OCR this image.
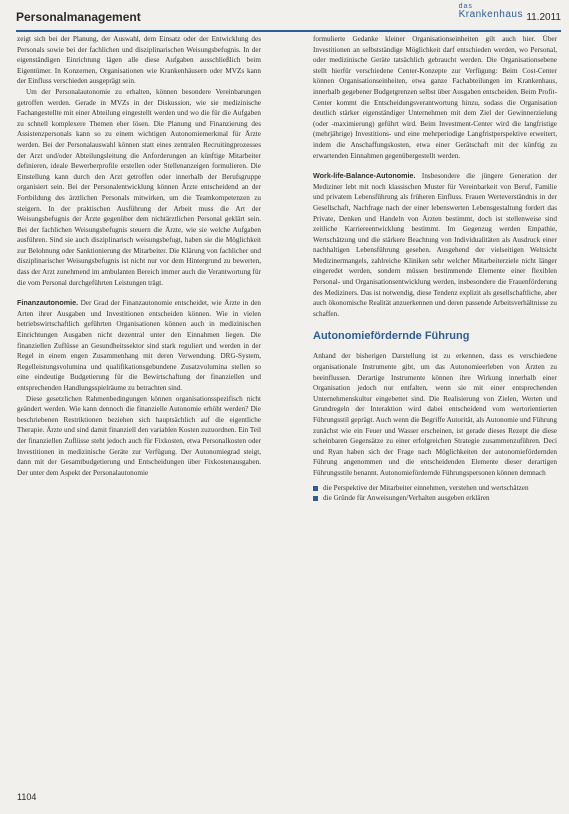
Personalmanagement
das
Krankenhaus 11.2011

zeigt sich bei der Planung, der Auswahl, dem Einsatz oder der Entwicklung des Personals sowie bei der fachlichen und disziplinarischen Weisungsbefugnis. In der eigenständigen Einrichtung lägen alle diese Aufgaben ausschließlich beim Eigentümer. In Konzernen, Organisationen wie Krankenhäusern oder MVZs kann der Einfluss verschieden ausgeprägt sein.

Um der Personalautonomie zu erhalten, können besondere Vereinbarungen getroffen werden. Gerade in MVZs in der Diskussion, wie sie medizinische Fachangestellte mit einer Abteilung eingestellt werden und wo die für die Aufgaben zu schnell komplexere Themen eher lösen. Die Planung und Finanzierung des Assistenzpersonals kann so zu einem wichtigen Autonomiemerkmal für Ärzte werden. Bei der Personalauswahl können statt eines zentralen Recruitingprozesses der Arzt und/oder Abteilungsleitung die Anforderungen an künftige Mitarbeiter definieren, ideale Bewerberprofile erstellen oder Stellenanzeigen formulieren. Die Einstellung kann durch den Arzt getroffen oder innerhalb der Berufsgruppe organisiert sein. Bei der Personalentwicklung können Ärzte entscheidend an der Fortbildung des ärztlichen Personals mitwirken, um die Teamkompetenzen zu steigern. In der praktischen Ausführung der Arbeit muss die Art der Weisungsbefugnis der Ärzte gegenüber dem nichtärztlichen Personal geklärt sein. Bei der fachlichen Weisungsbefugnis steuern die Ärzte, wie sie welche Aufgaben ausführen. Sind sie auch disziplinarisch weisungsbefugt, haben sie die Möglichkeit zur Belohnung oder Sanktionierung der Mitarbeiter. Die Klärung von fachlicher und disziplinarischer Weisungsbefugnis ist nicht nur vor dem Hintergrund zu bewerten, dass der Arzt zunehmend im ambulanten Bereich immer auch die Verantwortung für die vom Personal durchgeführten Leistungen trägt.

Finanzautonomie. Der Grad der Finanzautonomie entscheidet, wie Ärzte in den Arten ihrer Ausgaben und Investitionen entscheiden können. Wie in vielen betriebswirtschaftlich geführten Organisationen können auch in medizinischen Einrichtungen Ausgaben nicht dezentral unter den Einnahmen liegen. Die finanziellen Zuflüsse an Gesundheitssektor sind stark reguliert und werden in der Regel in einem engen Zusammenhang mit deren Verwendung. DRG-System, Regelleistungsvolumina und qualifikationsgebundene Zusatzvolumina stellen so eine eindeutige Budgetierung für die Bewirtschaftung der finanziellen und entsprechenden Handlungsspielräume zu betrachten sind.

Diese gesetzlichen Rahmenbedingungen können organisationsspezifisch nicht geändert werden. Wie kann dennoch die finanzielle Autonomie erhöht werden? Die beschriebenen Restriktionen beziehen sich hauptsächlich auf die eigentliche Therapie. Ärzte und sind damit finanziell den variablen Kosten zuzuordnen. Ein Teil der finanziellen Zuflüsse steht jedoch auch für Fixkosten, etwa Personalkosten oder Investitionen in medizinische Geräte zur Verfügung. Der Autonomiegrad steigt, dann mit der Gesamtbudgetierung und Entscheidungen über Fixkostenausgaben. Der unter dem Aspekt der Personalautonomie

formulierte Gedanke kleiner Organisationseinheiten gilt auch hier. Über Investitionen an selbstständige Möglichkeit darf entschieden werden, wo Personal, oder medizinische Geräte tatsächlich gebraucht werden. Die Organisationsebene stellt hierfür verschiedene Center-Konzepte zur Verfügung: Beim Cost-Center können Organisationseinheiten, etwa ganze Fachabteilungen im Krankenhaus, innerhalb gegebener Budgetgrenzen selbst über Ausgaben entscheiden. Beim Profit-Center kommt die Entscheidungsverantwortung hinzu, sodass die Organisation deutlich stärker eigenständiger Unternehmen mit dem Ziel der Gewinnerzielung (oder -maximierung) geführt wird. Beim Investment-Center wird die langfristige (mehrjährige) Investitions- und eine mehrperiodige Langfristperspektive erweitert, indem die Anschaffungskosten, etwa einer Gerätschaft mit der künftig zu erwartenden Einnahmen gegenübergestellt werden.

Work-life-Balance-Autonomie. Insbesondere die jüngere Generation der Mediziner lebt mit noch klassischen Muster für Vereinbarkeit von Beruf, Familie und privatem Lebensführung als früheren Einfluss. Frauen Werteverständnis in der Gesellschaft, Nachfrage nach der einer lebenswerten Lebensgestaltung fordert das Private, Denken und Handeln von Ärzten bestimmt, doch ist stellenweise sind zeitliche Karriereentwicklung bestimmt. Im Gegenzug werden Empathie, Wertschätzung und die stärkere Beachtung von Individualitäten als Ausdruck einer nachhaltigen Lebensführung gesehen. Ausgehend der vielseitigen Weltsicht Medizinermangels, zahlreiche Kliniken sehr welcher Mitarbeiterziele nicht länger eingeredet werden, sondern müssen bestimmende Elemente einer flexiblen Personal- und Organisationsentwicklung werden, insbesondere die Frauenförderung des Mediziners. Das ist notwendig, diese Tendenz explizit als gesellschaftliche, aber auch ökonomische Realität anzuerkennen und deren passende Arbeitsverhältnisse zu schaffen.

Autonomiefördernde Führung

Anhand der bisherigen Darstellung ist zu erkennen, dass es verschiedene organisationale Instrumente gibt, um das Autonomieerleben von Ärzten zu beeinflussen. Derartige Instrumente können ihre Wirkung innerhalb einer Organisation jedoch nur entfalten, wenn sie mit einer entsprechenden Unternehmenskultur eingebettet sind. Die Realisierung von Zielen, Werten und Grundregeln der Interaktion wird dabei entscheidend vom wertorientierten Führungsstil geprägt. Auch wenn die Begriffe Autorität, als Autonomie und Führung zunächst wie ein Feuer und Wasser erscheinen, ist gerade dieses Rezept die diese scheinbaren Gegensätze zu einer erfolgreichen Strategie zusammenzuführen. Deci und Ryan haben sich der Frage nach Möglichkeiten der autonomiefördernden Führung angenommen und die entscheidenden Elemente dieser derartigen Führungsstile benannt. Autonomiefördernde Führungspersonen können demnach

die Perspektive der Mitarbeiter einnehmen, verstehen und wertschätzen
die Gründe für Anweisungen/Verhalten ausgeben erklären
1104
